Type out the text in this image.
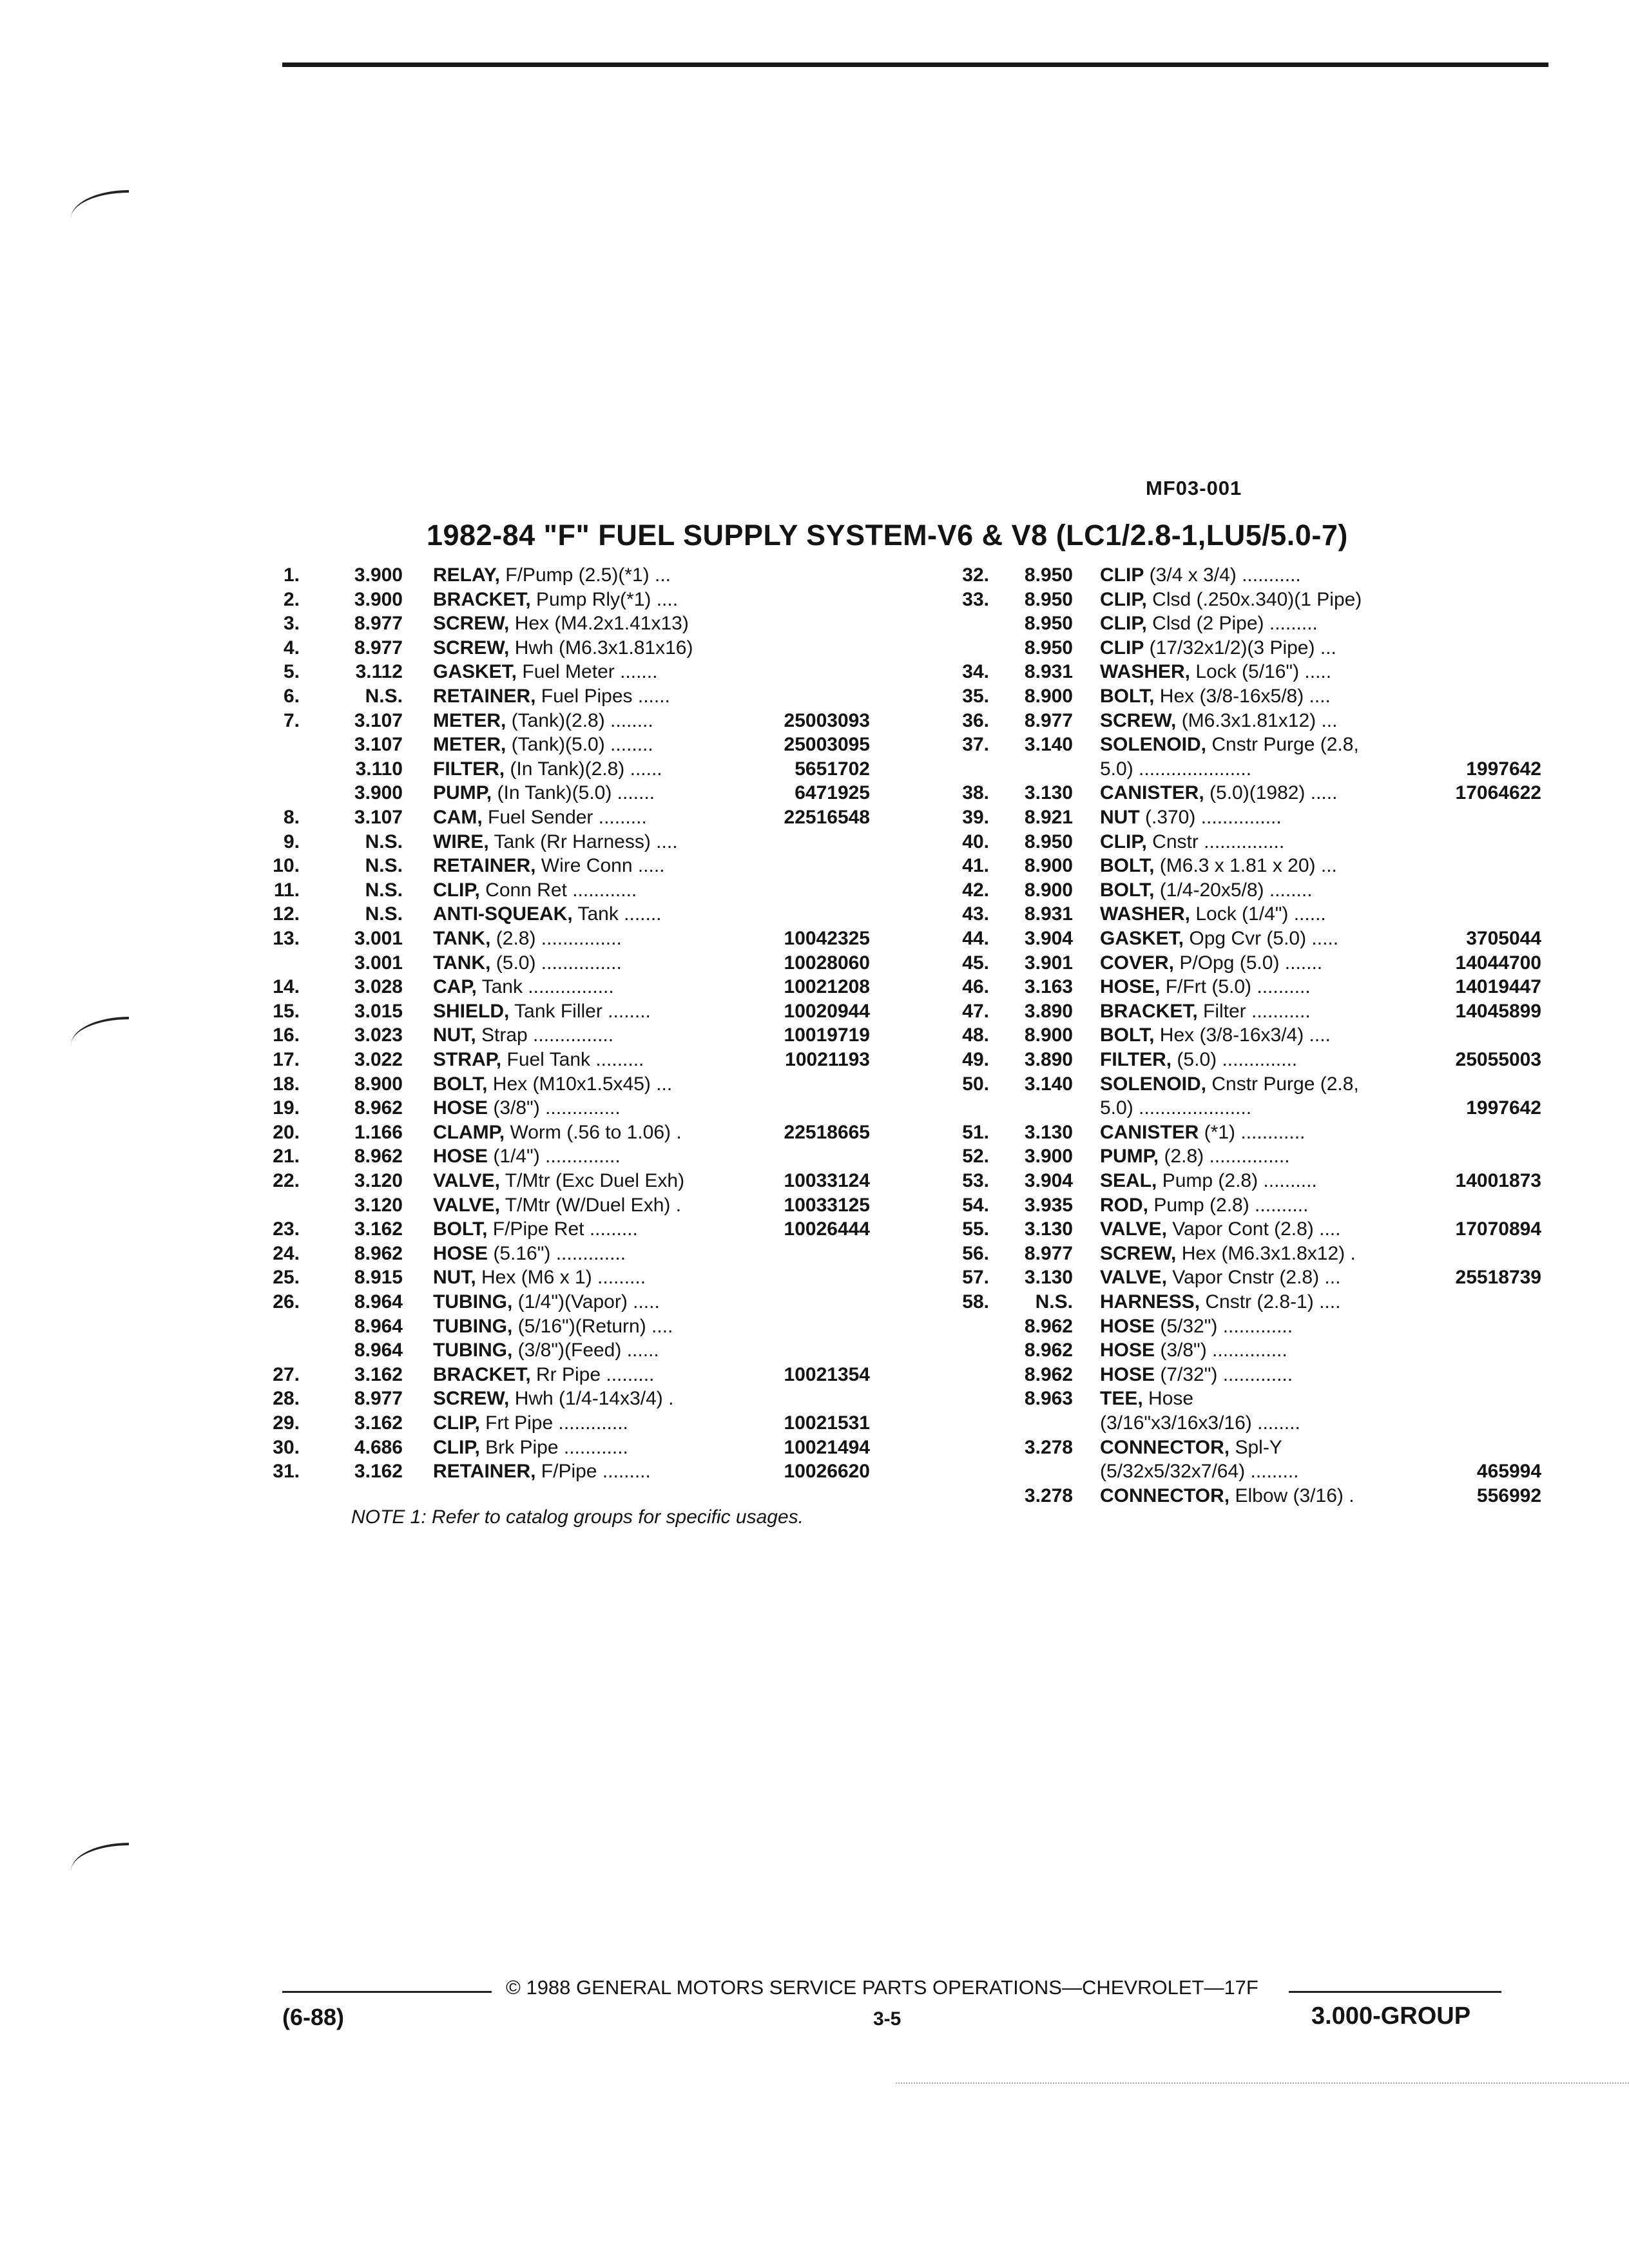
MF03-001
1982-84 "F" FUEL SUPPLY SYSTEM-V6 & V8 (LC1/2.8-1,LU5/5.0-7)
1.	3.900 RELAY, F/Pump (2.5)(*1) ...
2.	3.900 BRACKET, Pump Rly(*1) ....
3.	8.977 SCREW, Hex (M4.2x1.41x13)
4.	8.977 SCREW, Hwh (M6.3x1.81x16)
5.	3.112 GASKET, Fuel Meter .......
6.	N.S. RETAINER, Fuel Pipes ......
7.	3.107 METER, (Tank)(2.8) ........	25003093
3.107 METER, (Tank)(5.0) ........	25003095
3.110 FILTER, (In Tank)(2.8) ......	5651702
3.900 PUMP, (In Tank)(5.0) .......	6471925
8.	3.107 CAM, Fuel Sender .........	22516548
9.	N.S. WIRE, Tank (Rr Harness) ....
10.	N.S. RETAINER, Wire Conn .....
11.	N.S. CLIP, Conn Ret ............
12.	N.S. ANTI-SQUEAK, Tank .......
13.	3.001 TANK, (2.8) ...............	10042325
3.001 TANK, (5.0) ...............	10028060
14.	3.028 CAP, Tank ................	10021208
15.	3.015 SHIELD, Tank Filler ........	10020944
16.	3.023 NUT, Strap ...............	10019719
17.	3.022 STRAP, Fuel Tank .........	10021193
18.	8.900 BOLT, Hex (M10x1.5x45) ...
19.	8.962 HOSE (3/8") ..............
20.	1.166 CLAMP, Worm (.56 to 1.06) .	22518665
21.	8.962 HOSE (1/4") ..............
22.	3.120 VALVE, T/Mtr (Exc Duel Exh)	10033124
3.120 VALVE, T/Mtr (W/Duel Exh) .	10033125
23.	3.162 BOLT, F/Pipe Ret .........	10026444
24.	8.962 HOSE (5.16") .............
25.	8.915 NUT, Hex (M6 x 1) .........
26.	8.964 TUBING, (1/4")(Vapor) .....
8.964 TUBING, (5/16")(Return) ....
8.964 TUBING, (3/8")(Feed) ......
27.	3.162 BRACKET, Rr Pipe .........	10021354
28.	8.977 SCREW, Hwh (1/4-14x3/4) .
29.	3.162 CLIP, Frt Pipe .............	10021531
30.	4.686 CLIP, Brk Pipe ............	10021494
31.	3.162 RETAINER, F/Pipe .........	10026620
32.	8.950 CLIP (3/4 x 3/4) ...........
33.	8.950 CLIP, Clsd (.250x.340)(1 Pipe)
8.950 CLIP, Clsd (2 Pipe) .........
8.950 CLIP (17/32x1/2)(3 Pipe) ...
34.	8.931 WASHER, Lock (5/16") .....
35.	8.900 BOLT, Hex (3/8-16x5/8) ....
36.	8.977 SCREW, (M6.3x1.81x12) ...
37.	3.140 SOLENOID, Cnstr Purge (2.8,
5.0) .....................	1997642
38.	3.130 CANISTER, (5.0)(1982) .....	17064622
39.	8.921 NUT (.370) ...............
40.	8.950 CLIP, Cnstr ...............
41.	8.900 BOLT, (M6.3 x 1.81 x 20) ...
42.	8.900 BOLT, (1/4-20x5/8) ........
43.	8.931 WASHER, Lock (1/4") ......
44.	3.904 GASKET, Opg Cvr (5.0) .....	3705044
45.	3.901 COVER, P/Opg (5.0) .......	14044700
46.	3.163 HOSE, F/Frt (5.0) ..........	14019447
47.	3.890 BRACKET, Filter ...........	14045899
48.	8.900 BOLT, Hex (3/8-16x3/4) ....
49.	3.890 FILTER, (5.0) ..............	25055003
50.	3.140 SOLENOID, Cnstr Purge (2.8,
5.0) .....................	1997642
51.	3.130 CANISTER (*1) ............
52.	3.900 PUMP, (2.8) ...............
53.	3.904 SEAL, Pump (2.8) ..........	14001873
54.	3.935 ROD, Pump (2.8) ..........
55.	3.130 VALVE, Vapor Cont (2.8) ....	17070894
56.	8.977 SCREW, Hex (M6.3x1.8x12) .
57.	3.130 VALVE, Vapor Cnstr (2.8) ...	25518739
58.	N.S. HARNESS, Cnstr (2.8-1) ....
8.962 HOSE (5/32") .............
8.962 HOSE (3/8") ..............
8.962 HOSE (7/32") .............
8.963 TEE, Hose
(3/16"x3/16x3/16) ........
3.278 CONNECTOR, Spl-Y
(5/32x5/32x7/64) .........	465994
3.278 CONNECTOR, Elbow (3/16) .	556992
NOTE 1: Refer to catalog groups for specific usages.
© 1988 GENERAL MOTORS SERVICE PARTS OPERATIONS—CHEVROLET—17F
(6-88)	3-5	3.000-GROUP
